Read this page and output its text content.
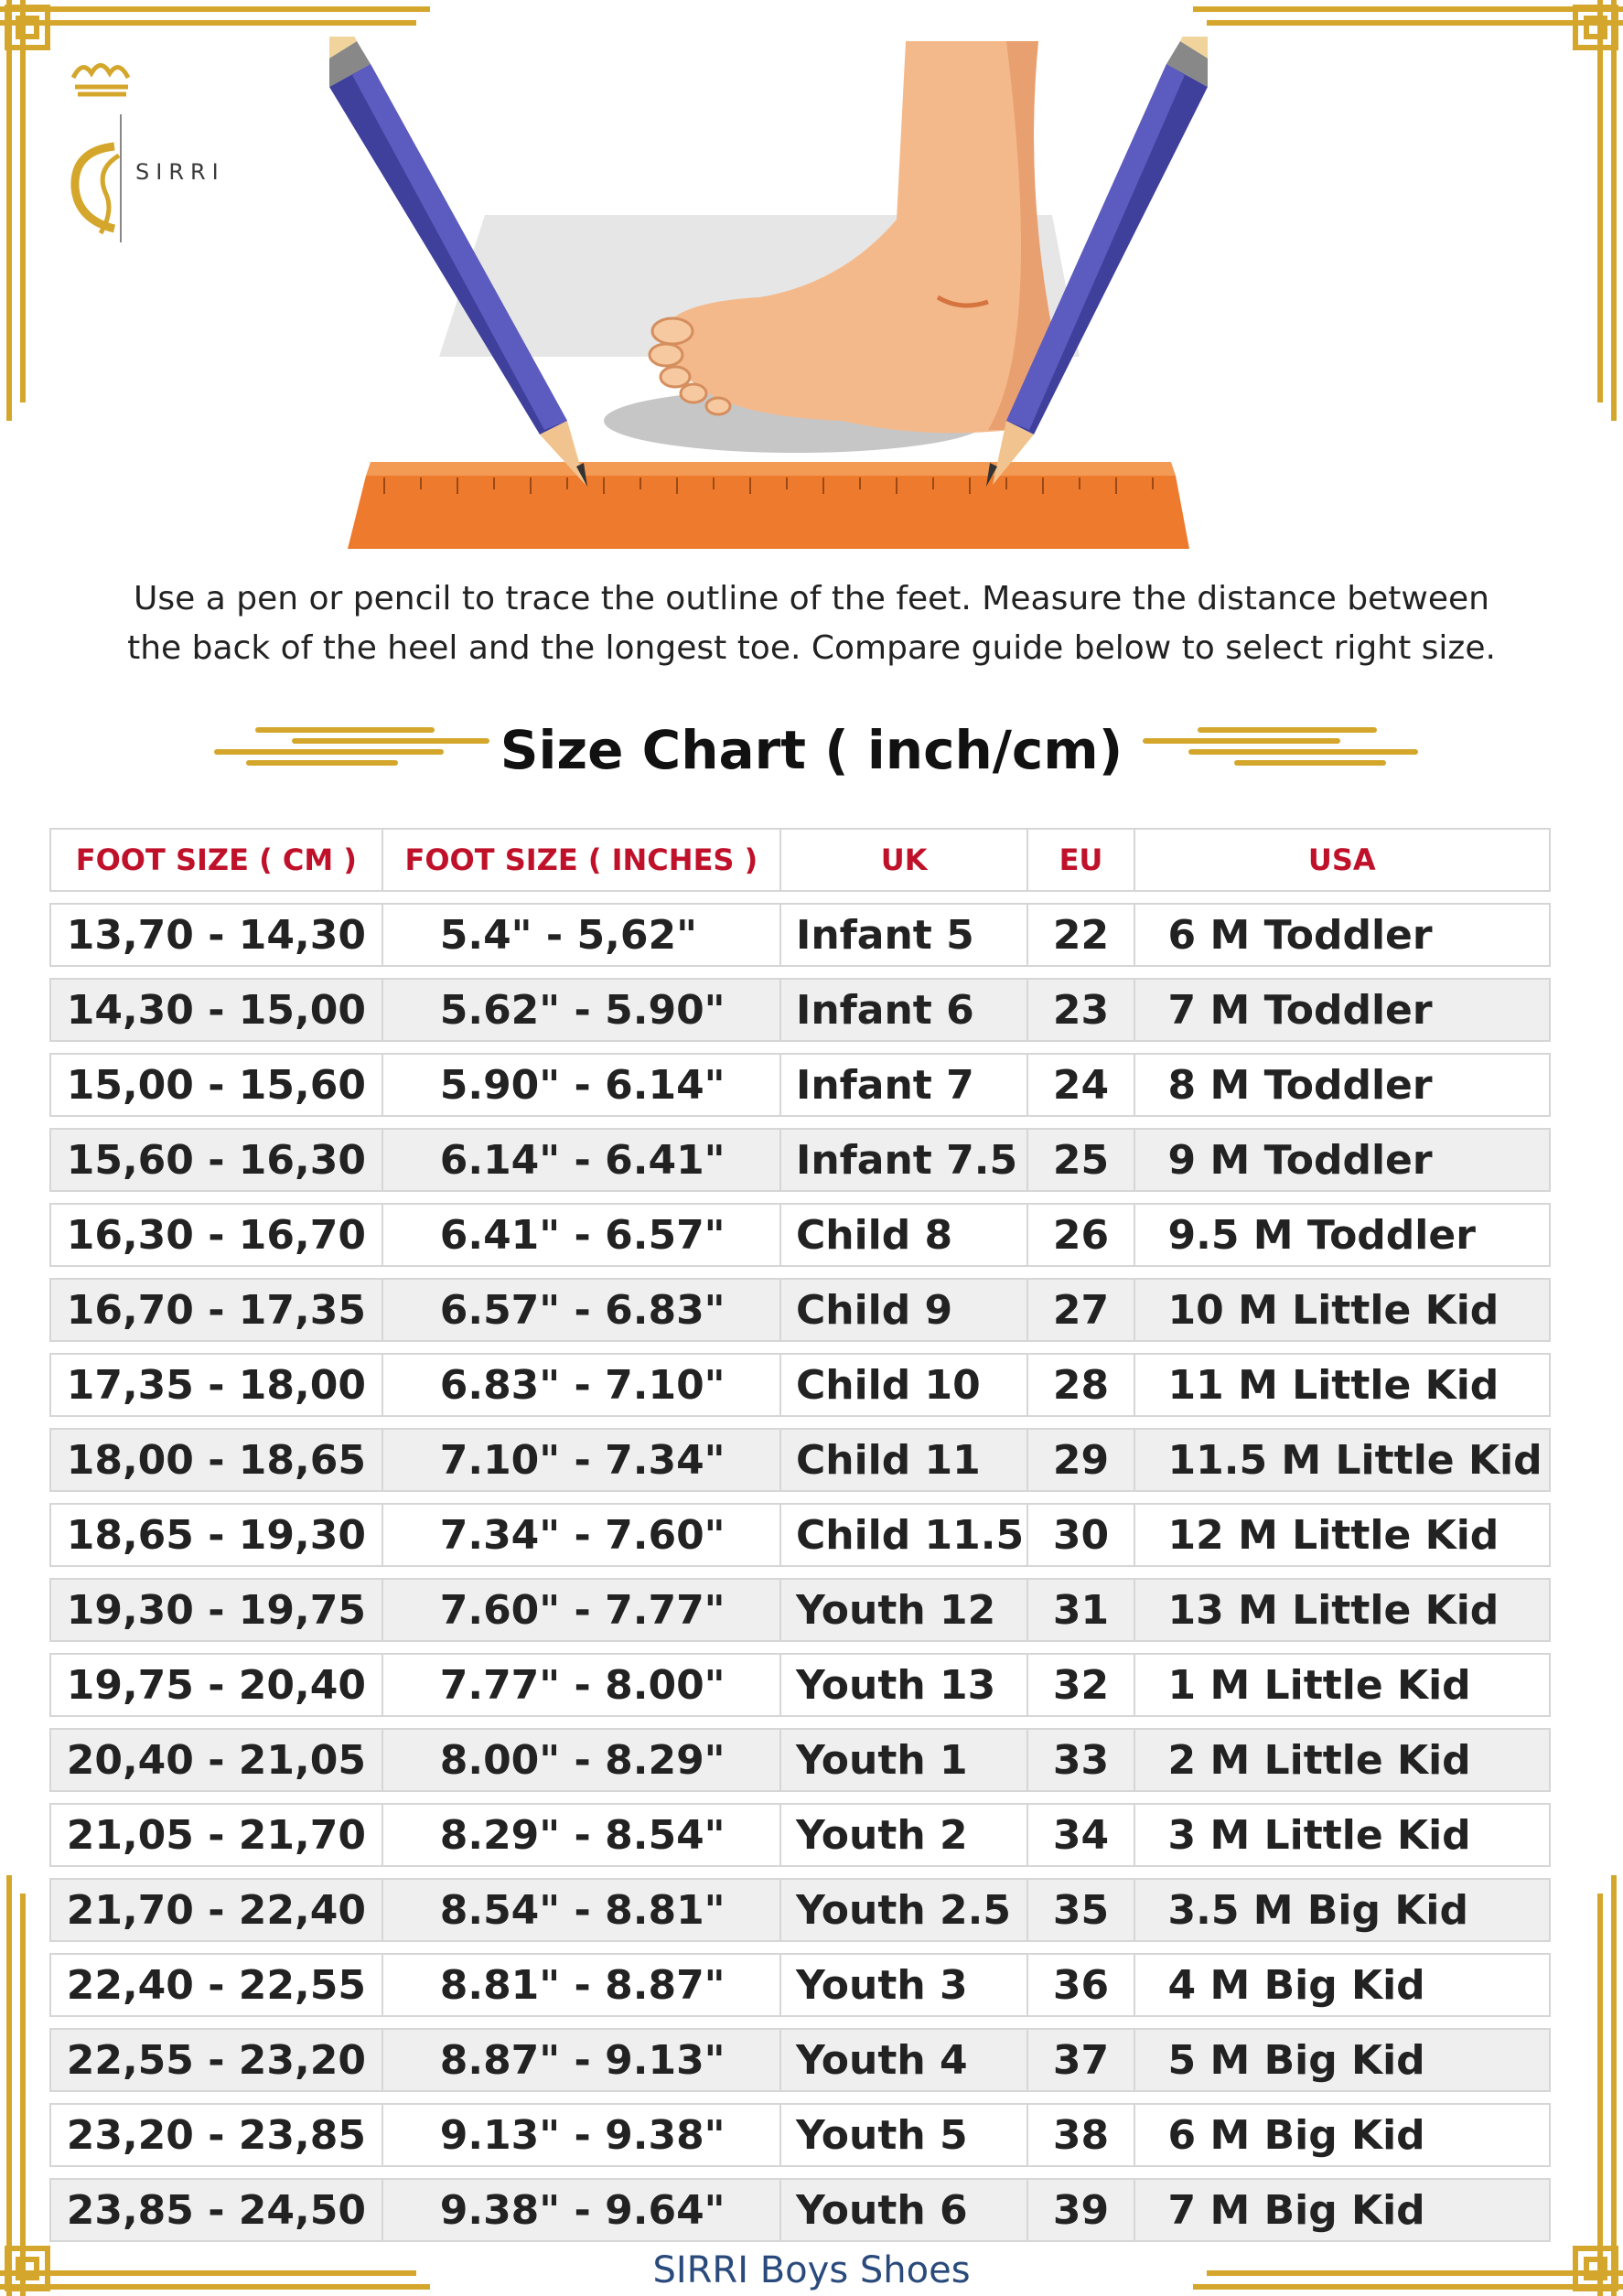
SIRRI
Use a pen or pencil to trace the outline of the feet. Measure the distance between
the back of the heel and the longest toe. Compare guide below to select right size.
Size Chart ( inch/cm)
FOOT SIZE ( CM )	FOOT SIZE ( INCHES )	UK	EU	USA
13,70 - 14,30	5.4" - 5,62"	Infant 5	22	6 M Toddler
14,30 - 15,00	5.62" - 5.90"	Infant 6	23	7 M Toddler
15,00 - 15,60	5.90" - 6.14"	Infant 7	24	8 M Toddler
15,60 - 16,30	6.14" - 6.41"	Infant 7.5	25	9 M Toddler
16,30 - 16,70	6.41" - 6.57"	Child 8	26	9.5 M Toddler
16,70 - 17,35	6.57" - 6.83"	Child 9	27	10 M Little Kid
17,35 - 18,00	6.83" - 7.10"	Child 10	28	11 M Little Kid
18,00 - 18,65	7.10" - 7.34"	Child 11	29	11.5 M Little Kid
18,65 - 19,30	7.34" - 7.60"	Child 11.5	30	12 M Little Kid
19,30 - 19,75	7.60" - 7.77"	Youth 12	31	13 M Little Kid
19,75 - 20,40	7.77" - 8.00"	Youth 13	32	1 M Little Kid
20,40 - 21,05	8.00" - 8.29"	Youth 1	33	2 M Little Kid
21,05 - 21,70	8.29" - 8.54"	Youth 2	34	3 M Little Kid
21,70 - 22,40	8.54" - 8.81"	Youth 2.5	35	3.5 M Big Kid
22,40 - 22,55	8.81" - 8.87"	Youth 3	36	4 M Big Kid
22,55 - 23,20	8.87" - 9.13"	Youth 4	37	5 M Big Kid
23,20 - 23,85	9.13" - 9.38"	Youth 5	38	6 M Big Kid
23,85 - 24,50	9.38" - 9.64"	Youth 6	39	7 M Big Kid
SIRRI Boys Shoes
